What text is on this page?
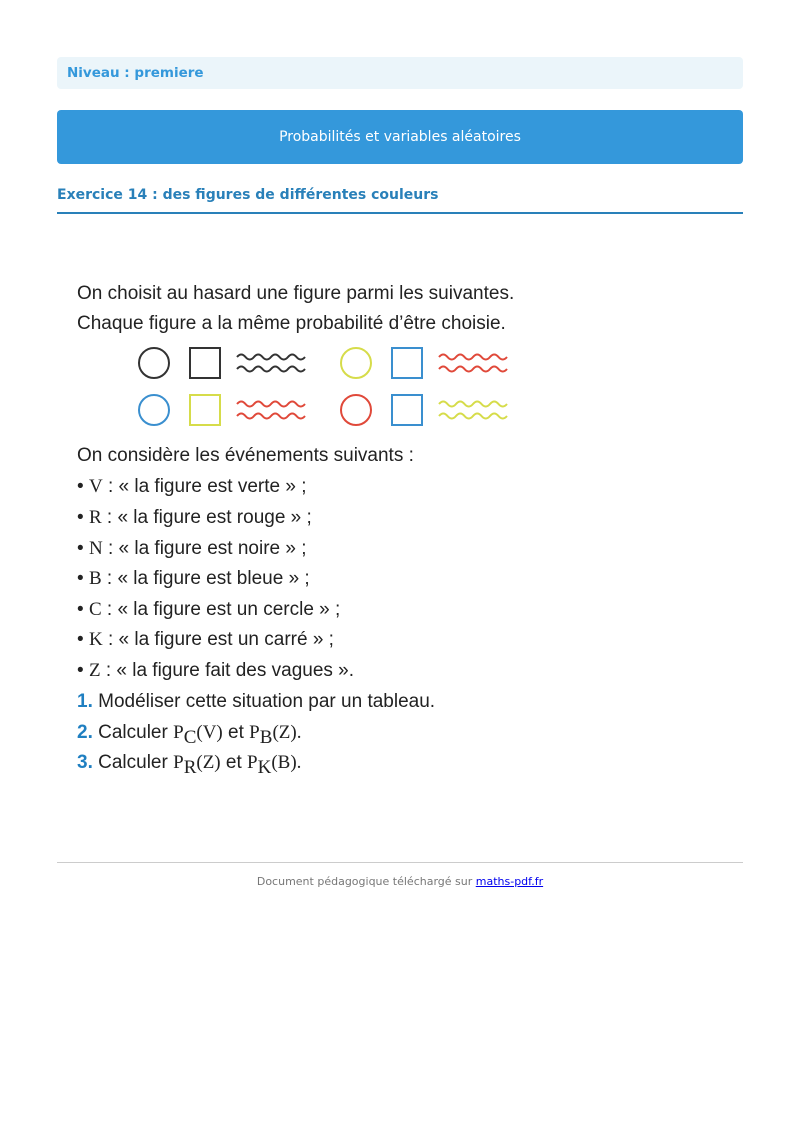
Niveau : premiere
Probabilités et variables aléatoires
Exercice 14 : des figures de différentes couleurs
On choisit au hasard une figure parmi les suivantes.
Chaque figure a la même probabilité d’être choisie.
On considère les événements suivants :
• V : « la figure est verte » ;
• R : « la figure est rouge » ;
• N : « la figure est noire » ;
• B : « la figure est bleue » ;
• C : « la figure est un cercle » ;
• K : « la figure est un carré » ;
• Z : « la figure fait des vagues ».
1. Modéliser cette situation par un tableau.
2. Calculer $P_C(V)$ et $P_B(Z)$.
3. Calculer $P_R(Z)$ et $P_K(B)$.
Document pédagogique téléchargé sur maths-pdf.fr
